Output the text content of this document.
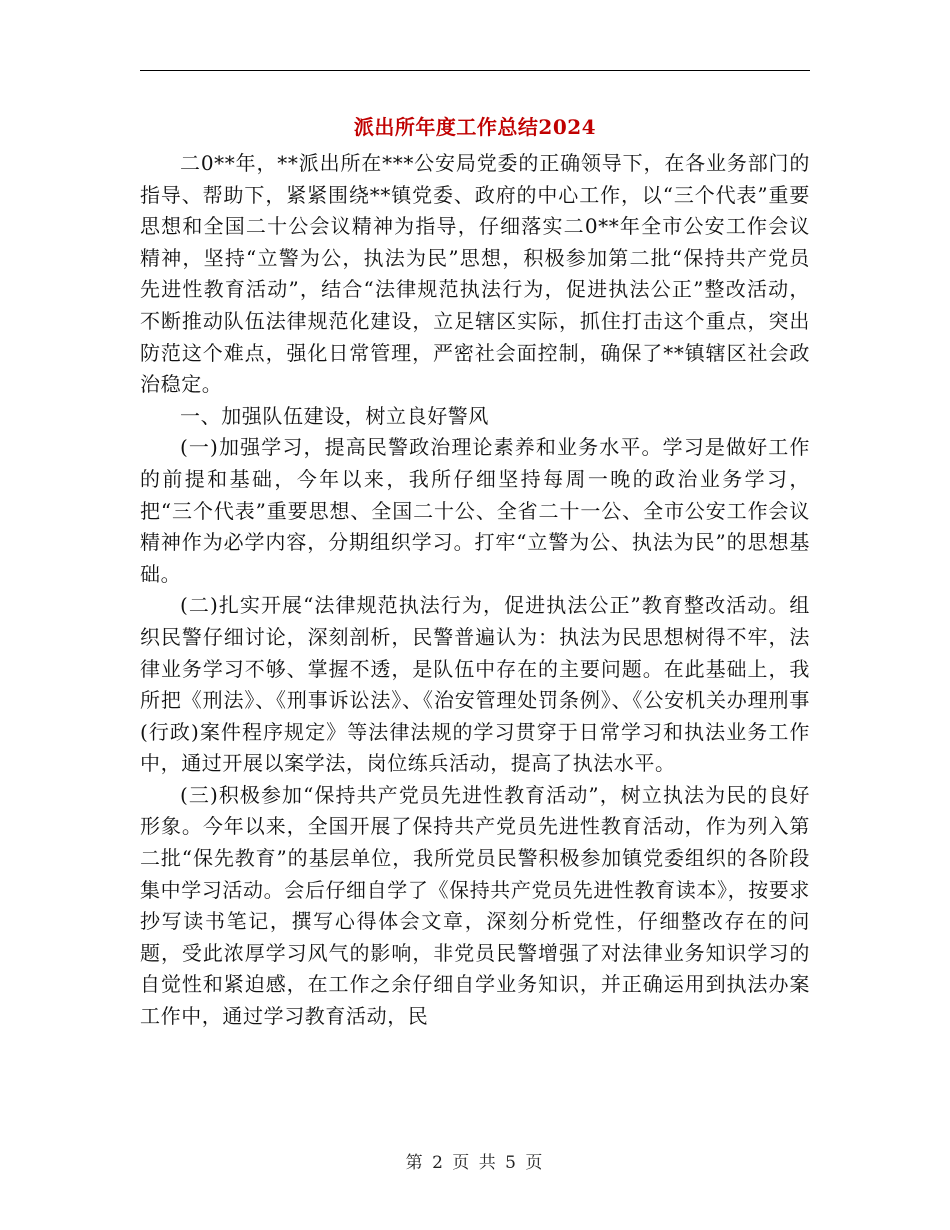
派出所年度工作总结2024

二0**年，**派出所在***公安局党委的正确领导下，在各业务部门的指导、帮助下，紧紧围绕**镇党委、政府的中心工作，以“三个代表”重要思想和全国二十公会议精神为指导，仔细落实二0**年全市公安工作会议精神，坚持“立警为公，执法为民”思想，积极参加第二批“保持共产党员先进性教育活动”，结合“法律规范执法行为，促进执法公正”整改活动，不断推动队伍法律规范化建设，立足辖区实际，抓住打击这个重点，突出防范这个难点，强化日常管理，严密社会面控制，确保了**镇辖区社会政治稳定。

一、加强队伍建设，树立良好警风

(一)加强学习，提高民警政治理论素养和业务水平。学习是做好工作的前提和基础，今年以来，我所仔细坚持每周一晚的政治业务学习，把“三个代表”重要思想、全国二十公、全省二十一公、全市公安工作会议精神作为必学内容，分期组织学习。打牢“立警为公、执法为民”的思想基础。

(二)扎实开展“法律规范执法行为，促进执法公正”教育整改活动。组织民警仔细讨论，深刻剖析，民警普遍认为：执法为民思想树得不牢，法律业务学习不够、掌握不透，是队伍中存在的主要问题。在此基础上，我所把《刑法》、《刑事诉讼法》、《治安管理处罚条例》、《公安机关办理刑事(行政)案件程序规定》等法律法规的学习贯穿于日常学习和执法业务工作中，通过开展以案学法，岗位练兵活动，提高了执法水平。

(三)积极参加“保持共产党员先进性教育活动”，树立执法为民的良好形象。今年以来，全国开展了保持共产党员先进性教育活动，作为列入第二批“保先教育”的基层单位，我所党员民警积极参加镇党委组织的各阶段集中学习活动。会后仔细自学了《保持共产党员先进性教育读本》，按要求抄写读书笔记，撰写心得体会文章，深刻分析党性，仔细整改存在的问题，受此浓厚学习风气的影响，非党员民警增强了对法律业务知识学习的自觉性和紧迫感，在工作之余仔细自学业务知识，并正确运用到执法办案工作中，通过学习教育活动，民

第 2 页 共 5 页
